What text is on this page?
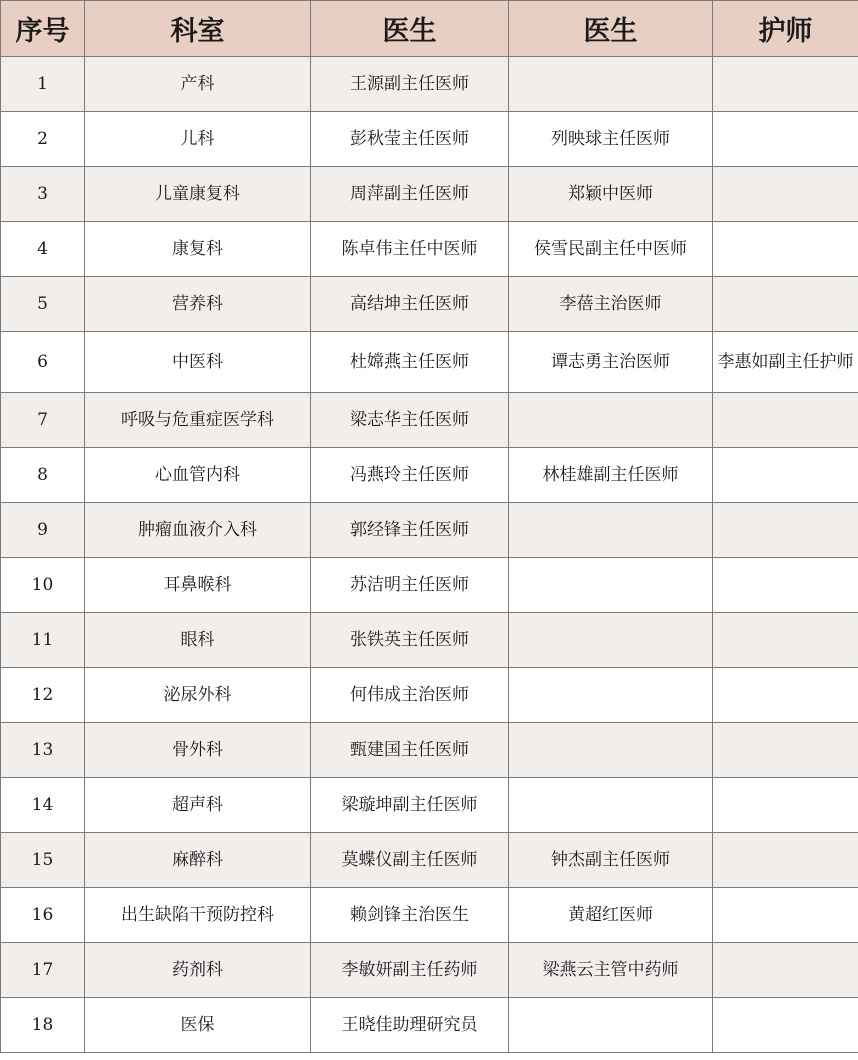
序号	科室	医生	医生	护师
1	产科	王源副主任医师		
2	儿科	彭秋莹主任医师	列映球主任医师	
3	儿童康复科	周萍副主任医师	郑颖中医师	
4	康复科	陈卓伟主任中医师	侯雪民副主任中医师	
5	营养科	高结坤主任医师	李蓓主治医师	
6	中医科	杜嫦燕主任医师	谭志勇主治医师	李惠如副主任护师
7	呼吸与危重症医学科	梁志华主任医师		
8	心血管内科	冯燕玲主任医师	林桂雄副主任医师	
9	肿瘤血液介入科	郭经锋主任医师		
10	耳鼻喉科	苏洁明主任医师		
11	眼科	张铁英主任医师		
12	泌尿外科	何伟成主治医师		
13	骨外科	甄建国主任医师		
14	超声科	梁璇坤副主任医师		
15	麻醉科	莫蝶仪副主任医师	钟杰副主任医师	
16	出生缺陷干预防控科	赖剑锋主治医生	黄超红医师	
17	药剂科	李敏妍副主任药师	梁燕云主管中药师	
18	医保	王晓佳助理研究员		
